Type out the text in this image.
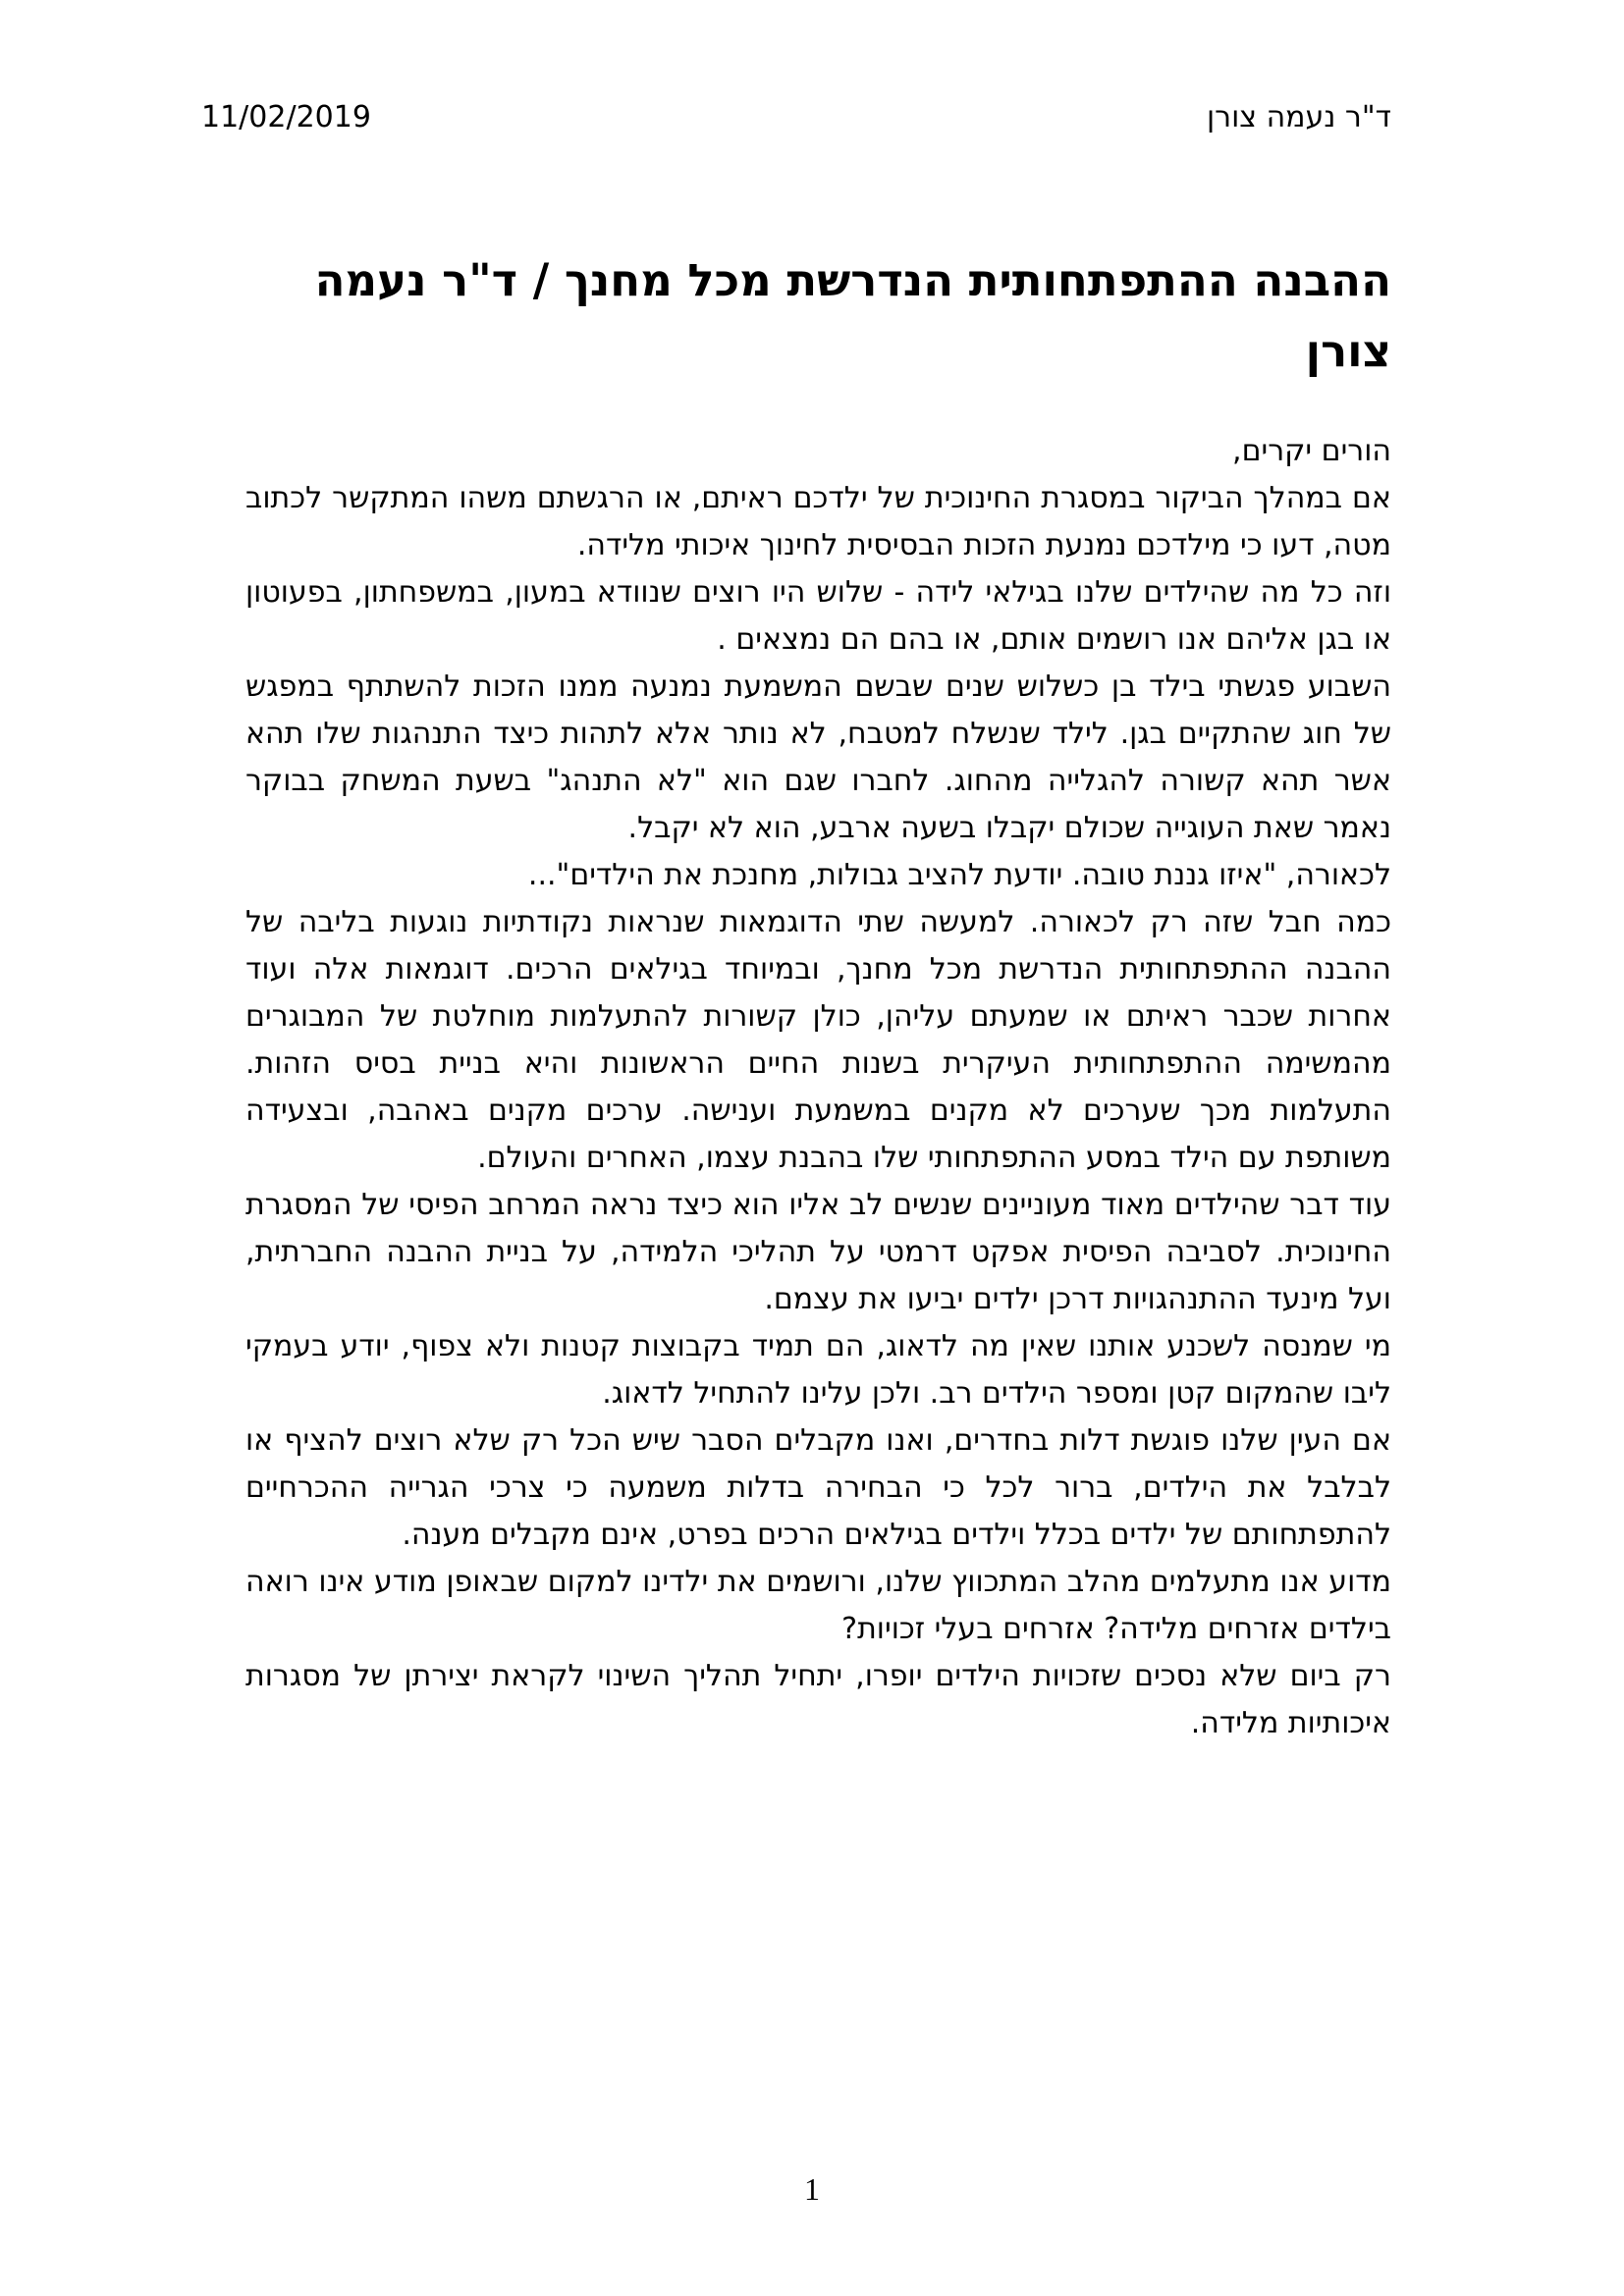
11/02/2019	ד"ר נעמה צורן
ההבנה ההתפתחותית הנדרשת מכל מחנך / ד"ר נעמה צורן

הורים יקרים,

אם במהלך הביקור במסגרת החינוכית של ילדכם ראיתם, או הרגשתם משהו המתקשר לכתוב מטה, דעו כי מילדכם נמנעת הזכות הבסיסית לחינוך איכותי מלידה.

וזה כל מה שהילדים שלנו בגילאי לידה - שלוש היו רוצים שנוודא במעון, במשפחתון, בפעוטון או בגן אליהם אנו רושמים אותם, או בהם הם נמצאים .

השבוע פגשתי בילד בן כשלוש שנים שבשם המשמעת נמנעה ממנו הזכות להשתתף במפגש של חוג שהתקיים בגן. לילד שנשלח למטבח, לא נותר אלא לתהות כיצד התנהגות שלו תהא אשר תהא קשורה להגלייה מהחוג. לחברו שגם הוא "לא התנהג" בשעת המשחק בבוקר נאמר שאת העוגייה שכולם יקבלו בשעה ארבע, הוא לא יקבל.

לכאורה, "איזו גננת טובה. יודעת להציב גבולות, מחנכת את הילדים"...

כמה חבל שזה רק לכאורה. למעשה שתי הדוגמאות שנראות נקודתיות נוגעות בליבה של ההבנה ההתפתחותית הנדרשת מכל מחנך, ובמיוחד בגילאים הרכים. דוגמאות אלה ועוד אחרות שכבר ראיתם או שמעתם עליהן, כולן קשורות להתעלמות מוחלטת של המבוגרים מהמשימה ההתפתחותית העיקרית בשנות החיים הראשונות והיא בניית בסיס הזהות. התעלמות מכך שערכים לא מקנים במשמעת וענישה. ערכים מקנים באהבה, ובצעידה משותפת עם הילד במסע ההתפתחותי שלו בהבנת עצמו, האחרים והעולם.

עוד דבר שהילדים מאוד מעוניינים שנשים לב אליו הוא כיצד נראה המרחב הפיסי של המסגרת החינוכית. לסביבה הפיסית אפקט דרמטי על תהליכי הלמידה, על בניית ההבנה החברתית, ועל מינעד ההתנהגויות דרכן ילדים יביעו את עצמם.

מי שמנסה לשכנע אותנו שאין מה לדאוג, הם תמיד בקבוצות קטנות ולא צפוף, יודע בעמקי ליבו שהמקום קטן ומספר הילדים רב. ולכן עלינו להתחיל לדאוג.

אם העין שלנו פוגשת דלות בחדרים, ואנו מקבלים הסבר שיש הכל רק שלא רוצים להציף או לבלבל את הילדים, ברור לכל כי הבחירה בדלות משמעה כי צרכי הגרייה ההכרחיים להתפתחותם של ילדים בכלל וילדים בגילאים הרכים בפרט, אינם מקבלים מענה.

מדוע אנו מתעלמים מהלב המתכווץ שלנו, ורושמים את ילדינו למקום שבאופן מודע אינו רואה בילדים אזרחים מלידה? אזרחים בעלי זכויות?

רק ביום שלא נסכים שזכויות הילדים יופרו, יתחיל תהליך השינוי לקראת יצירתן של מסגרות איכותיות מלידה.

1
